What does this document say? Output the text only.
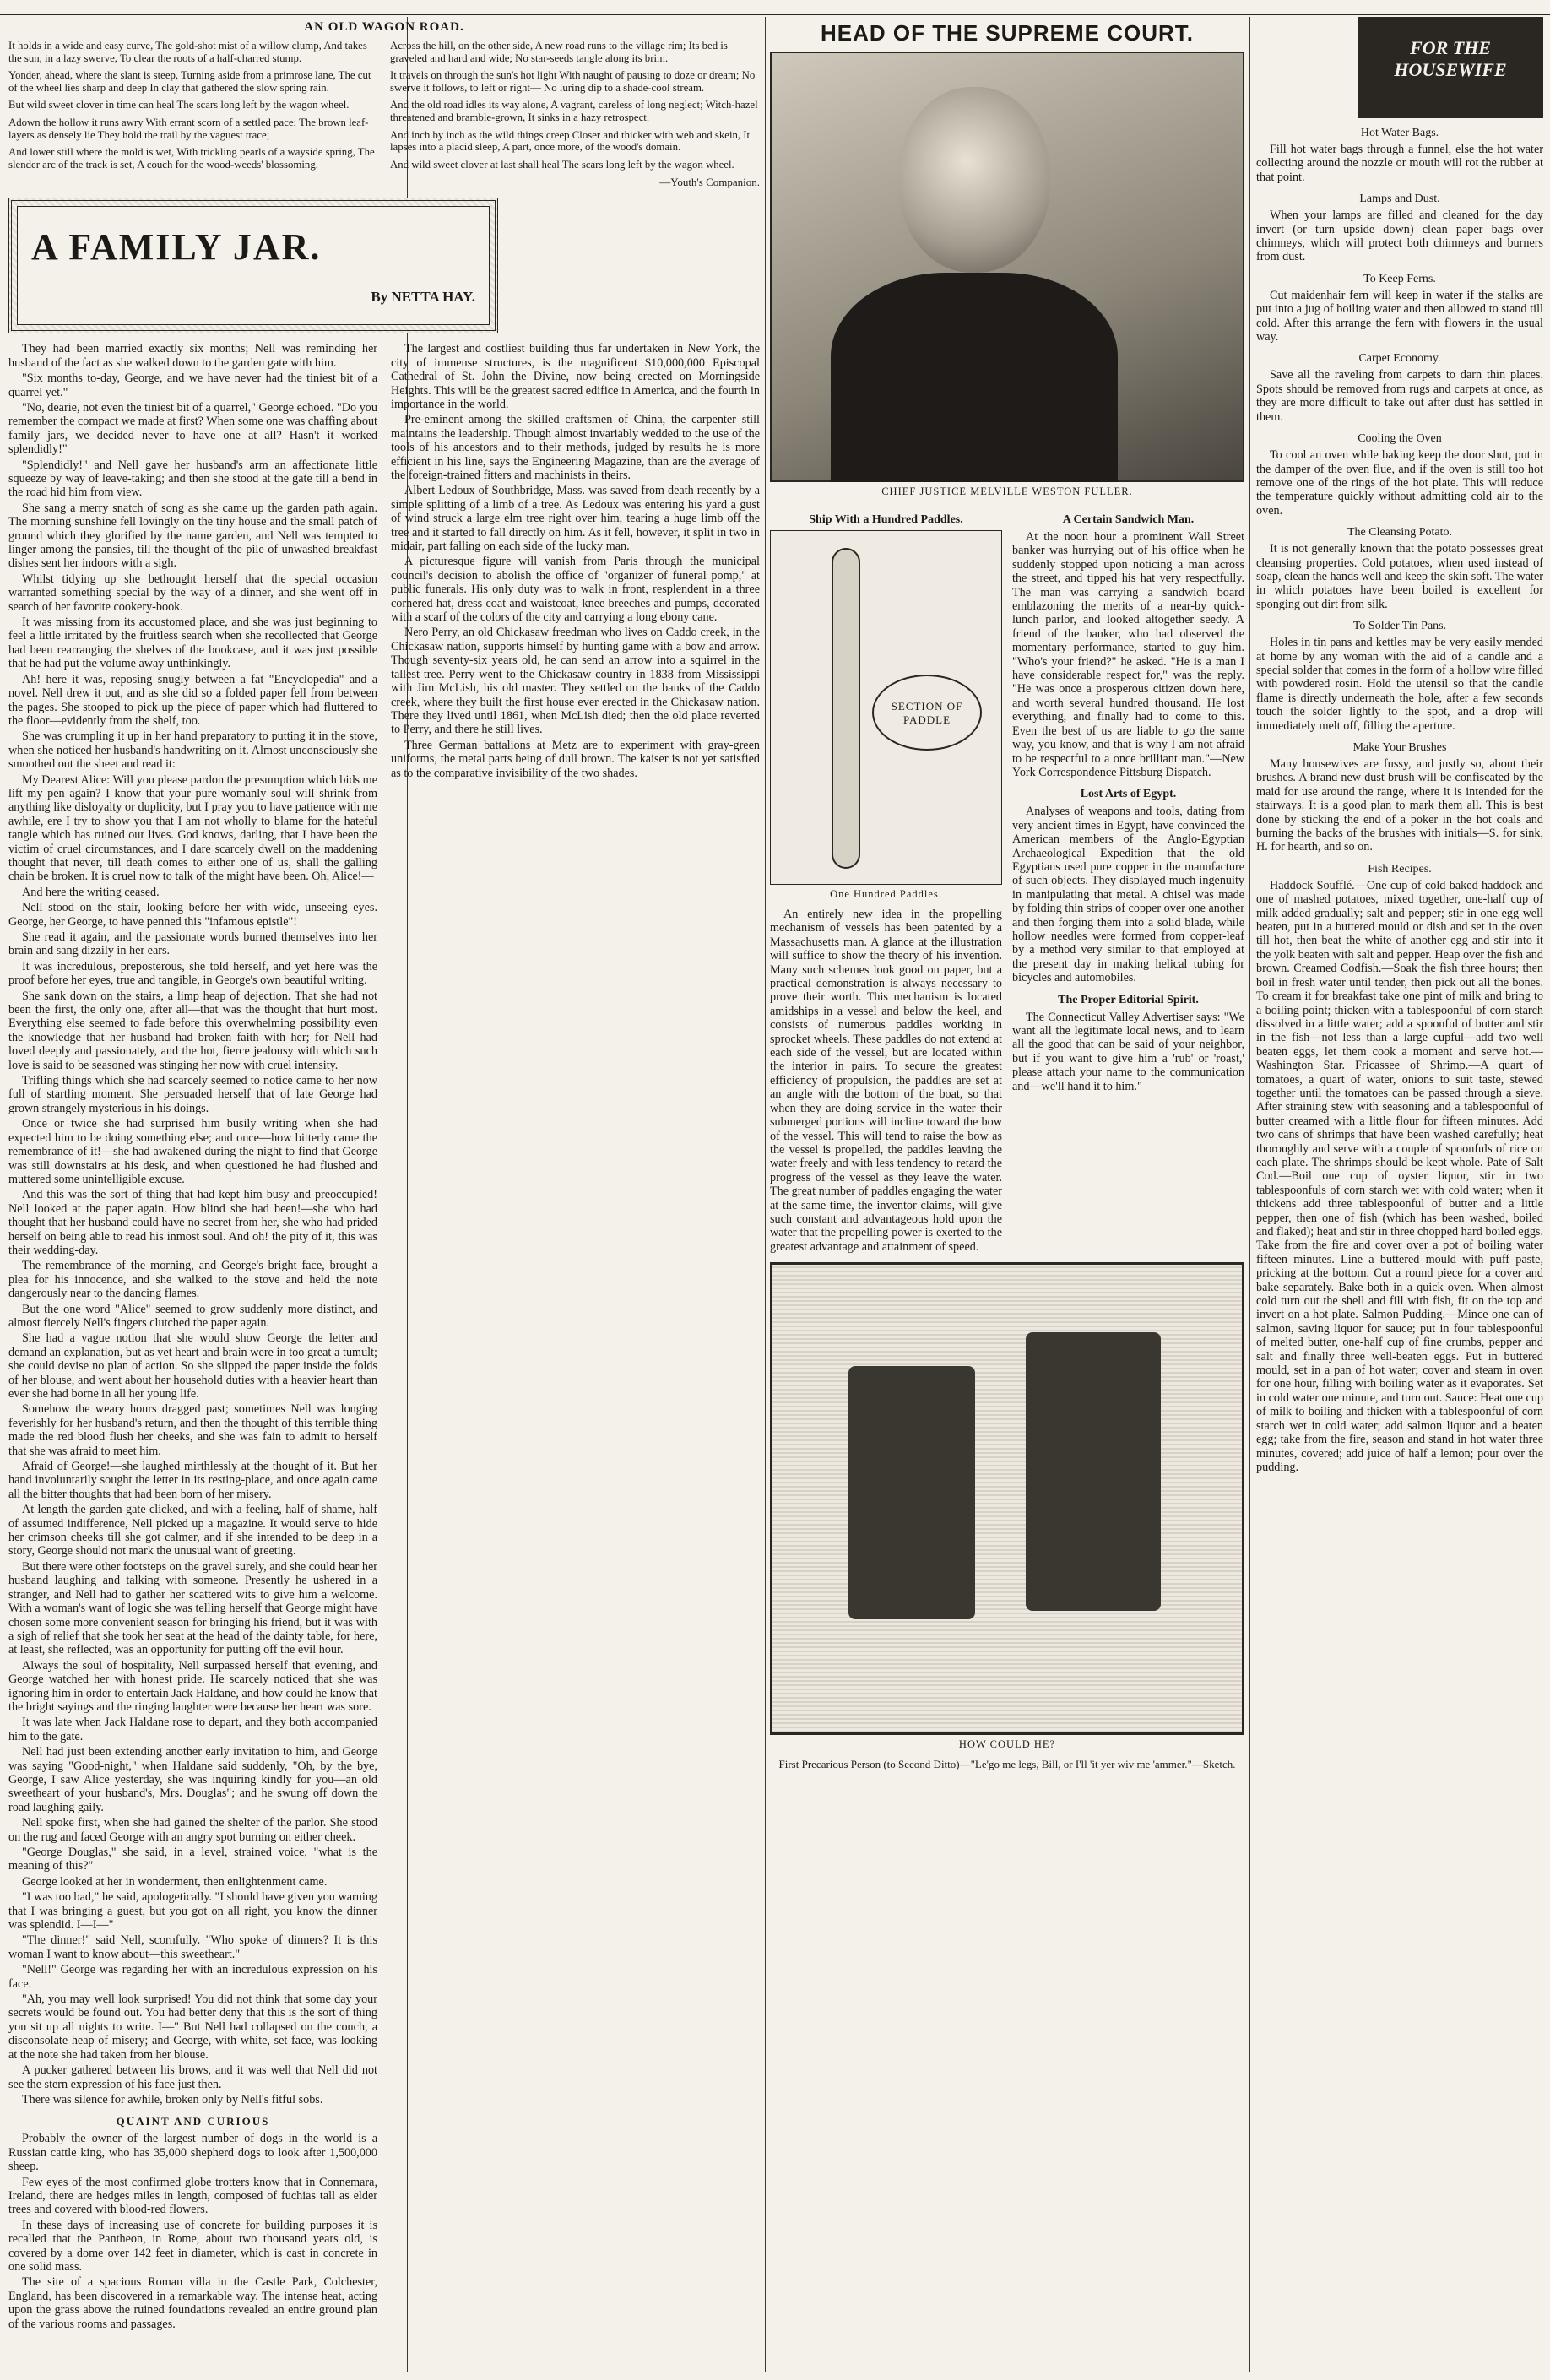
AN OLD WAGON ROAD.

It holds in a wide and easy curve, The gold-shot mist of a willow clump, And takes the sun, in a lazy swerve, To clear the roots of a half-charred stump.

Yonder, ahead, where the slant is steep, Turning aside from a primrose lane, The cut of the wheel lies sharp and deep In clay that gathered the slow spring rain.

But wild sweet clover in time can heal The scars long left by the wagon wheel.

Adown the hollow it runs awry With errant scorn of a settled pace; The brown leaf-layers as densely lie They hold the trail by the vaguest trace;

And lower still where the mold is wet, With trickling pearls of a wayside spring, The slender arc of the track is set, A couch for the wood-weeds' blossoming.

Across the hill, on the other side, A new road runs to the village rim; Its bed is graveled and hard and wide; No star-seeds tangle along its brim.

It travels on through the sun's hot light With naught of pausing to doze or dream; No swerve it follows, to left or right— No luring dip to a shade-cool stream.

And the old road idles its way alone, A vagrant, careless of long neglect; Witch-hazel threatened and bramble-grown, It sinks in a hazy retrospect.

And inch by inch as the wild things creep Closer and thicker with web and skein, It lapses into a placid sleep, A part, once more, of the wood's domain.

And wild sweet clover at last shall heal The scars long left by the wagon wheel.

—Youth's Companion.

A FAMILY JAR.
By NETTA HAY.

They had been married exactly six months; Nell was reminding her husband of the fact as she walked down to the garden gate with him.

"Six months to-day, George, and we have never had the tiniest bit of a quarrel yet."

"No, dearie, not even the tiniest bit of a quarrel," George echoed. "Do you remember the compact we made at first? When some one was chaffing about family jars, we decided never to have one at all? Hasn't it worked splendidly!"

"Splendidly!" and Nell gave her husband's arm an affectionate little squeeze by way of leave-taking; and then she stood at the gate till a bend in the road hid him from view.

She sang a merry snatch of song as she came up the garden path again. The morning sunshine fell lovingly on the tiny house and the small patch of ground which they glorified by the name garden, and Nell was tempted to linger among the pansies, till the thought of the pile of unwashed breakfast dishes sent her indoors with a sigh.

Whilst tidying up she bethought herself that the special occasion warranted something special by the way of a dinner, and she went off in search of her favorite cookery-book.

It was missing from its accustomed place, and she was just beginning to feel a little irritated by the fruitless search when she recollected that George had been rearranging the shelves of the bookcase, and it was just possible that he had put the volume away unthinkingly.

Ah! here it was, reposing snugly between a fat "Encyclopedia" and a novel. Nell drew it out, and as she did so a folded paper fell from between the pages. She stooped to pick up the piece of paper which had fluttered to the floor—evidently from the shelf, too.

She was crumpling it up in her hand preparatory to putting it in the stove, when she noticed her husband's handwriting on it. Almost unconsciously she smoothed out the sheet and read it:

My Dearest Alice: Will you please pardon the presumption which bids me lift my pen again? I know that your pure womanly soul will shrink from anything like disloyalty or duplicity, but I pray you to have patience with me awhile, ere I try to show you that I am not wholly to blame for the hateful tangle which has ruined our lives. God knows, darling, that I have been the victim of cruel circumstances, and I dare scarcely dwell on the maddening thought that never, till death comes to either one of us, shall the galling chain be broken. It is cruel now to talk of the might have been. Oh, Alice!—

And here the writing ceased.

Nell stood on the stair, looking before her with wide, unseeing eyes. George, her George, to have penned this "infamous epistle"!

She read it again, and the passionate words burned themselves into her brain and sang dizzily in her ears.

It was incredulous, preposterous, she told herself, and yet here was the proof before her eyes, true and tangible, in George's own beautiful writing.

She sank down on the stairs, a limp heap of dejection. That she had not been the first, the only one, after all—that was the thought that hurt most. Everything else seemed to fade before this overwhelming possibility even the knowledge that her husband had broken faith with her; for Nell had loved deeply and passionately, and the hot, fierce jealousy with which such love is said to be seasoned was stinging her now with cruel intensity.

Trifling things which she had scarcely seemed to notice came to her now full of startling moment. She persuaded herself that of late George had grown strangely mysterious in his doings.

Once or twice she had surprised him busily writing when she had expected him to be doing something else; and once—how bitterly came the remembrance of it!—she had awakened during the night to find that George was still downstairs at his desk, and when questioned he had flushed and muttered some unintelligible excuse.

And this was the sort of thing that had kept him busy and preoccupied! Nell looked at the paper again. How blind she had been!—she who had thought that her husband could have no secret from her, she who had prided herself on being able to read his inmost soul. And oh! the pity of it, this was their wedding-day.

The remembrance of the morning, and George's bright face, brought a plea for his innocence, and she walked to the stove and held the note dangerously near to the dancing flames.

But the one word "Alice" seemed to grow suddenly more distinct, and almost fiercely Nell's fingers clutched the paper again.

She had a vague notion that she would show George the letter and demand an explanation, but as yet heart and brain were in too great a tumult; she could devise no plan of action. So she slipped the paper inside the folds of her blouse, and went about her household duties with a heavier heart than ever she had borne in all her young life.

Somehow the weary hours dragged past; sometimes Nell was longing feverishly for her husband's return, and then the thought of this terrible thing made the red blood flush her cheeks, and she was fain to admit to herself that she was afraid to meet him.

Afraid of George!—she laughed mirthlessly at the thought of it. But her hand involuntarily sought the letter in its resting-place, and once again came all the bitter thoughts that had been born of her misery.

At length the garden gate clicked, and with a feeling, half of shame, half of assumed indifference, Nell picked up a magazine. It would serve to hide her crimson cheeks till she got calmer, and if she intended to be deep in a story, George should not mark the unusual want of greeting.

But there were other footsteps on the gravel surely, and she could hear her husband laughing and talking with someone. Presently he ushered in a stranger, and Nell had to gather her scattered wits to give him a welcome. With a woman's want of logic she was telling herself that George might have chosen some more convenient season for bringing his friend, but it was with a sigh of relief that she took her seat at the head of the dainty table, for here, at least, she reflected, was an opportunity for putting off the evil hour.

Always the soul of hospitality, Nell surpassed herself that evening, and George watched her with honest pride. He scarcely noticed that she was ignoring him in order to entertain Jack Haldane, and how could he know that the bright sayings and the ringing laughter were because her heart was sore.

It was late when Jack Haldane rose to depart, and they both accompanied him to the gate.

Nell had just been extending another early invitation to him, and George was saying "Good-night," when Haldane said suddenly, "Oh, by the bye, George, I saw Alice yesterday, she was inquiring kindly for you—an old sweetheart of your husband's, Mrs. Douglas"; and he swung off down the road laughing gaily.

Nell spoke first, when she had gained the shelter of the parlor. She stood on the rug and faced George with an angry spot burning on either cheek.

"George Douglas," she said, in a level, strained voice, "what is the meaning of this?"

George looked at her in wonderment, then enlightenment came.

"I was too bad," he said, apologetically. "I should have given you warning that I was bringing a guest, but you got on all right, you know the dinner was splendid. I—I—"

"The dinner!" said Nell, scornfully. "Who spoke of dinners? It is this woman I want to know about—this sweetheart."

"Nell!" George was regarding her with an incredulous expression on his face.

"Ah, you may well look surprised! You did not think that some day your secrets would be found out. You had better deny that this is the sort of thing you sit up all nights to write. I—" But Nell had collapsed on the couch, a disconsolate heap of misery; and George, with white, set face, was looking at the note she had taken from her blouse.

A pucker gathered between his brows, and it was well that Nell did not see the stern expression of his face just then.

There was silence for awhile, broken only by Nell's fitful sobs.

QUAINT AND CURIOUS

Probably the owner of the largest number of dogs in the world is a Russian cattle king, who has 35,000 shepherd dogs to look after 1,500,000 sheep.

Few eyes of the most confirmed globe trotters know that in Connemara, Ireland, there are hedges miles in length, composed of fuchias tall as elder trees and covered with blood-red flowers.

In these days of increasing use of concrete for building purposes it is recalled that the Pantheon, in Rome, about two thousand years old, is covered by a dome over 142 feet in diameter, which is cast in concrete in one solid mass.

The site of a spacious Roman villa in the Castle Park, Colchester, England, has been discovered in a remarkable way. The intense heat, acting upon the grass above the ruined foundations revealed an entire ground plan of the various rooms and passages.

The largest and costliest building thus far undertaken in New York, the city of immense structures, is the magnificent $10,000,000 Episcopal Cathedral of St. John the Divine, now being erected on Morningside Heights. This will be the greatest sacred edifice in America, and the fourth in importance in the world.

Pre-eminent among the skilled craftsmen of China, the carpenter still maintains the leadership. Though almost invariably wedded to the use of the tools of his ancestors and to their methods, judged by results he is more efficient in his line, says the Engineering Magazine, than are the average of the foreign-trained fitters and machinists in theirs.

Albert Ledoux of Southbridge, Mass. was saved from death recently by a simple splitting of a limb of a tree. As Ledoux was entering his yard a gust of wind struck a large elm tree right over him, tearing a huge limb off the tree and it started to fall directly on him. As it fell, however, it split in two in midair, part falling on each side of the lucky man.

A picturesque figure will vanish from Paris through the municipal council's decision to abolish the office of "organizer of funeral pomp," at public funerals. His only duty was to walk in front, resplendent in a three cornered hat, dress coat and waistcoat, knee breeches and pumps, decorated with a scarf of the colors of the city and carrying a long ebony cane.

Nero Perry, an old Chickasaw freedman who lives on Caddo creek, in the Chickasaw nation, supports himself by hunting game with a bow and arrow. Though seventy-six years old, he can send an arrow into a squirrel in the tallest tree. Perry went to the Chickasaw country in 1838 from Mississippi with Jim McLish, his old master. They settled on the banks of the Caddo creek, where they built the first house ever erected in the Chickasaw nation. There they lived until 1861, when McLish died; then the old place reverted to Perry, and there he still lives.

Three German battalions at Metz are to experiment with gray-green uniforms, the metal parts being of dull brown. The kaiser is not yet satisfied as to the comparative invisibility of the two shades.

HEAD OF THE SUPREME COURT.
CHIEF JUSTICE MELVILLE WESTON FULLER.
Ship With a Hundred Paddles.
SECTION OF PADDLE
One Hundred Paddles.

An entirely new idea in the propelling mechanism of vessels has been patented by a Massachusetts man. A glance at the illustration will suffice to show the theory of his invention. Many such schemes look good on paper, but a practical demonstration is always necessary to prove their worth. This mechanism is located amidships in a vessel and below the keel, and consists of numerous paddles working in sprocket wheels. These paddles do not extend at each side of the vessel, but are located within the interior in pairs. To secure the greatest efficiency of propulsion, the paddles are set at an angle with the bottom of the boat, so that when they are doing service in the water their submerged portions will incline toward the bow of the vessel. This will tend to raise the bow as the vessel is propelled, the paddles leaving the water freely and with less tendency to retard the progress of the vessel as they leave the water. The great number of paddles engaging the water at the same time, the inventor claims, will give such constant and advantageous hold upon the water that the propelling power is exerted to the greatest advantage and attainment of speed.

A Certain Sandwich Man.

At the noon hour a prominent Wall Street banker was hurrying out of his office when he suddenly stopped upon noticing a man across the street, and tipped his hat very respectfully. The man was carrying a sandwich board emblazoning the merits of a near-by quick-lunch parlor, and looked altogether seedy. A friend of the banker, who had observed the momentary performance, started to guy him. "Who's your friend?" he asked. "He is a man I have considerable respect for," was the reply. "He was once a prosperous citizen down here, and worth several hundred thousand. He lost everything, and finally had to come to this. Even the best of us are liable to go the same way, you know, and that is why I am not afraid to be respectful to a once brilliant man."—New York Correspondence Pittsburg Dispatch.

Lost Arts of Egypt.

Analyses of weapons and tools, dating from very ancient times in Egypt, have convinced the American members of the Anglo-Egyptian Archaeological Expedition that the old Egyptians used pure copper in the manufacture of such objects. They displayed much ingenuity in manipulating that metal. A chisel was made by folding thin strips of copper over one another and then forging them into a solid blade, while hollow needles were formed from copper-leaf by a method very similar to that employed at the present day in making helical tubing for bicycles and automobiles.

The Proper Editorial Spirit.

The Connecticut Valley Advertiser says: "We want all the legitimate local news, and to learn all the good that can be said of your neighbor, but if you want to give him a 'rub' or 'roast,' please attach your name to the communication and—we'll hand it to him."

HOW COULD HE?
First Precarious Person (to Second Ditto)—"Le'go me legs, Bill, or I'll 'it yer wiv me 'ammer."—Sketch.
FOR THE HOUSEWIFE
Hot Water Bags.

Fill hot water bags through a funnel, else the hot water collecting around the nozzle or mouth will rot the rubber at that point.

Lamps and Dust.

When your lamps are filled and cleaned for the day invert (or turn upside down) clean paper bags over chimneys, which will protect both chimneys and burners from dust.

To Keep Ferns.

Cut maidenhair fern will keep in water if the stalks are put into a jug of boiling water and then allowed to stand till cold. After this arrange the fern with flowers in the usual way.

Carpet Economy.

Save all the raveling from carpets to darn thin places. Spots should be removed from rugs and carpets at once, as they are more difficult to take out after dust has settled in them.

Cooling the Oven

To cool an oven while baking keep the door shut, put in the damper of the oven flue, and if the oven is still too hot remove one of the rings of the hot plate. This will reduce the temperature quickly without admitting cold air to the oven.

The Cleansing Potato.

It is not generally known that the potato possesses great cleansing properties. Cold potatoes, when used instead of soap, clean the hands well and keep the skin soft. The water in which potatoes have been boiled is excellent for sponging out dirt from silk.

To Solder Tin Pans.

Holes in tin pans and kettles may be very easily mended at home by any woman with the aid of a candle and a special solder that comes in the form of a hollow wire filled with powdered rosin. Hold the utensil so that the candle flame is directly underneath the hole, after a few seconds touch the solder lightly to the spot, and a drop will immediately melt off, filling the aperture.

Make Your Brushes

Many housewives are fussy, and justly so, about their brushes. A brand new dust brush will be confiscated by the maid for use around the range, where it is intended for the stairways. It is a good plan to mark them all. This is best done by sticking the end of a poker in the hot coals and burning the backs of the brushes with initials—S. for sink, H. for hearth, and so on.

Fish Recipes.

Haddock Soufflé.—One cup of cold baked haddock and one of mashed potatoes, mixed together, one-half cup of milk added gradually; salt and pepper; stir in one egg well beaten, put in a buttered mould or dish and set in the oven till hot, then beat the white of another egg and stir into it the yolk beaten with salt and pepper. Heap over the fish and brown. Creamed Codfish.—Soak the fish three hours; then boil in fresh water until tender, then pick out all the bones. To cream it for breakfast take one pint of milk and bring to a boiling point; thicken with a tablespoonful of corn starch dissolved in a little water; add a spoonful of butter and stir in the fish—not less than a large cupful—add two well beaten eggs, let them cook a moment and serve hot.—Washington Star. Fricassee of Shrimp.—A quart of tomatoes, a quart of water, onions to suit taste, stewed together until the tomatoes can be passed through a sieve. After straining stew with seasoning and a tablespoonful of butter creamed with a little flour for fifteen minutes. Add two cans of shrimps that have been washed carefully; heat thoroughly and serve with a couple of spoonfuls of rice on each plate. The shrimps should be kept whole. Pate of Salt Cod.—Boil one cup of oyster liquor, stir in two tablespoonfuls of corn starch wet with cold water; when it thickens add three tablespoonful of butter and a little pepper, then one of fish (which has been washed, boiled and flaked); heat and stir in three chopped hard boiled eggs. Take from the fire and cover over a pot of boiling water fifteen minutes. Line a buttered mould with puff paste, pricking at the bottom. Cut a round piece for a cover and bake separately. Bake both in a quick oven. When almost cold turn out the shell and fill with fish, fit on the top and invert on a hot plate. Salmon Pudding.—Mince one can of salmon, saving liquor for sauce; put in four tablespoonful of melted butter, one-half cup of fine crumbs, pepper and salt and finally three well-beaten eggs. Put in buttered mould, set in a pan of hot water; cover and steam in oven for one hour, filling with boiling water as it evaporates. Set in cold water one minute, and turn out. Sauce: Heat one cup of milk to boiling and thicken with a tablespoonful of corn starch wet in cold water; add salmon liquor and a beaten egg; take from the fire, season and stand in hot water three minutes, covered; add juice of half a lemon; pour over the pudding.
